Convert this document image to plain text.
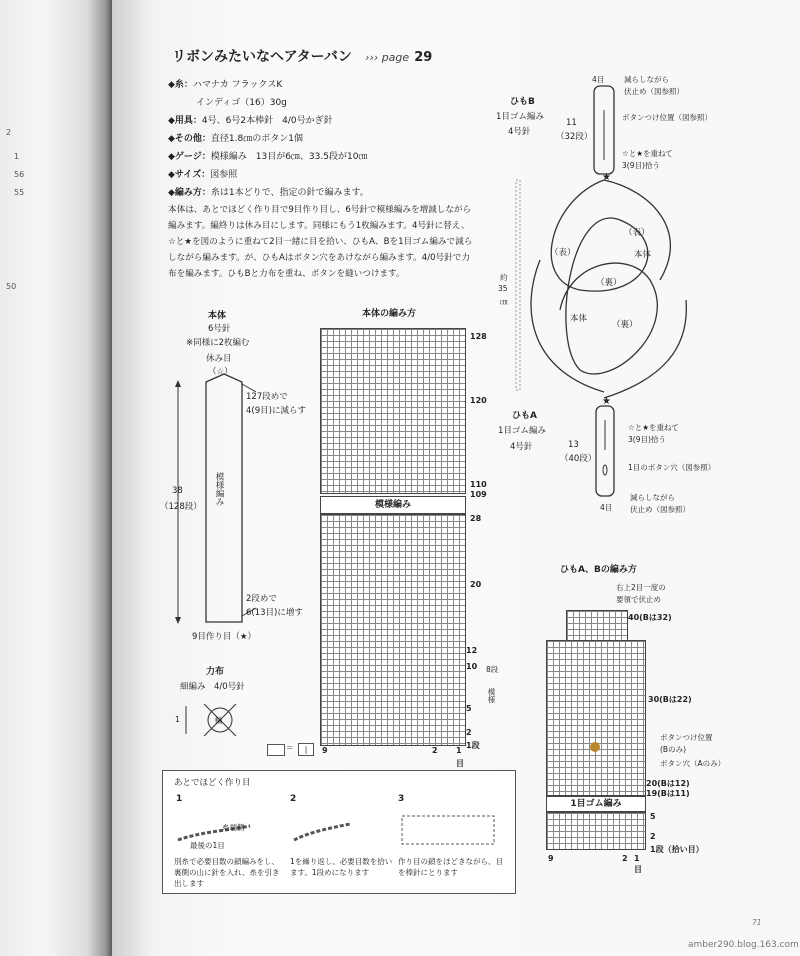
2
1
56
55
50
リボンみたいなヘアターバン ››› page 29
◆糸：ハマナカ フラックスK
インディゴ（16）30g
◆用具：4号、6号2本棒針　4/0号かぎ針
◆その他：直径1.8㎝のボタン1個
◆ゲージ：模様編み　13目が6㎝、33.5段が10㎝
◆サイズ：図参照
◆編み方：糸は1本どりで、指定の針で編みます。
本体は、あとでほどく作り目で9目作り目し、6号針で模様編みを増減しながら編みます。編終りは休み目にします。同様にもう1枚編みます。4号針に替え、☆と★を図のように重ねて2目一緒に目を拾い、ひもA、Bを1目ゴム編みで減らしながら編みます。が、ひもAはボタン穴をあけながら編みます。4/0号針で力布を編みます。ひもBと力布を重ね、ボタンを縫いつけます。
本体
6号針
※同様に2枚編む
休み目
（☆）
127段めで
4(9目)に減らす
模様編み
38
（128段）
2段めで
6(13目)に増す
9目作り目（★）
力布
細編み　4/0号針
輪
1
＝	|
本体の編み方
模様編み
128
120
110
109
28
20
12
10
5
2
1段
9	2 1
目
8段
模様
ひもB
1目ゴム編み
4号針
11
（32段）
4目	減らしながら
伏止め（図参照）
ボタンつけ位置（図参照）
☆と★を重ねて
3(9目)拾う
★
★
（表）
（表）
（裏）
（裏）
本体
本体
約
35
㎝
ひもA
1目ゴム編み
4号針	13
（40段）
☆と★を重ねて
3(9目)拾う
1目のボタン穴（図参照）
減らしながら
伏止め（図参照）
4目
ひもA、Bの編み方
右上2目一度の
要領で伏止め
1目ゴム編み
40(Bは32)
30(Bは22)
ボタンつけ位置
(Bのみ)
ボタン穴（Aのみ）
20(Bは12)
19(Bは11)
5
2
1段（拾い目）
9	2 1
目
あとでほどく作り目
1	2	3
糸端側
最後の1目
別糸で必要目数の鎖編みをし、裏側の山に針を入れ、糸を引き出します
1を繰り返し、必要目数を拾います。1段めになります
作り目の鎖をほどきながら、目を棒針にとります
71
amber290.blog.163.com
